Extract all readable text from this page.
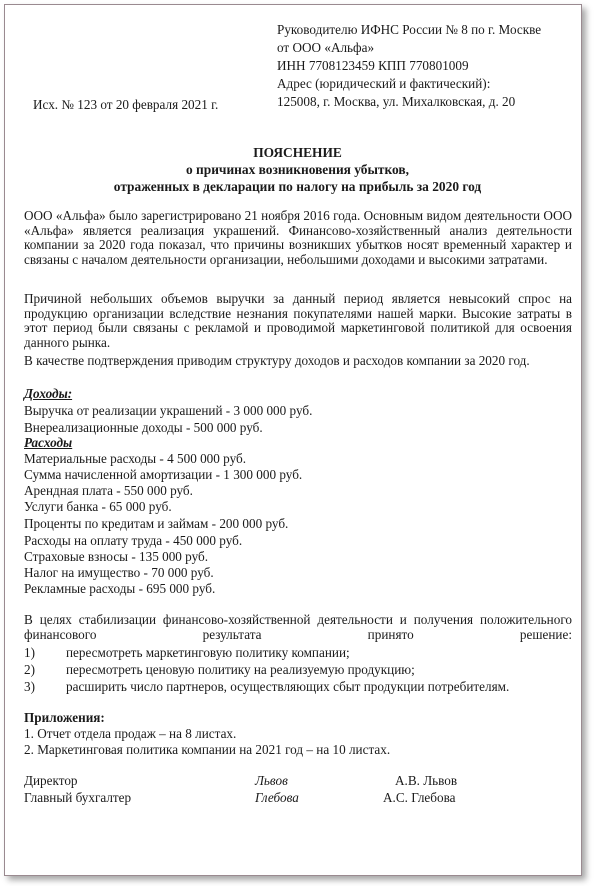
Руководителю ИФНС России № 8 по г. Москве
от ООО «Альфа»
ИНН 7708123459 КПП 770801009
Адрес (юридический и фактический):
125008, г. Москва, ул. Михалковская, д. 20
Исх. № 123 от 20 февраля 2021 г.
ПОЯСНЕНИЕ
о причинах возникновения убытков,
отраженных в декларации по налогу на прибыль за 2020 год
ООО «Альфа» было зарегистрировано 21 ноября 2016 года. Основным видом деятельности ООО «Альфа» является реализация украшений. Финансово-хозяйственный анализ деятельности компании за 2020 года показал, что причины возникших убытков носят временный характер и связаны с началом деятельности организации, небольшими доходами и высокими затратами.
Причиной небольших объемов выручки за данный период является невысокий спрос на продукцию организации вследствие незнания покупателями нашей марки. Высокие затраты в этот период были связаны с рекламой и проводимой маркетинговой политикой для освоения данного рынка.
В качестве подтверждения приводим структуру доходов и расходов компании за 2020 год.
Доходы:
Выручка от реализации украшений - 3 000 000 руб.
Внереализационные доходы - 500 000 руб.
Расходы
Материальные расходы - 4 500 000 руб.
Сумма начисленной амортизации - 1 300 000 руб.
Арендная плата - 550 000 руб.
Услуги банка - 65 000 руб.
Проценты по кредитам и займам - 200 000 руб.
Расходы на оплату труда - 450 000 руб.
Страховые взносы - 135 000 руб.
Налог на имущество - 70 000 руб.
Рекламные расходы - 695 000 руб.
В целях стабилизации финансово-хозяйственной деятельности и получения положительного финансового результата принято решение:
1) пересмотреть маркетинговую политику компании;
2) пересмотреть ценовую политику на реализуемую продукцию;
3) расширить число партнеров, осуществляющих сбыт продукции потребителям.
Приложения:
1. Отчет отдела продаж – на 8 листах.
2. Маркетинговая политика компании на 2021 год – на 10 листах.
Директор	Львов	А.В. Львов
Главный бухгалтер	Глебова	А.С. Глебова
